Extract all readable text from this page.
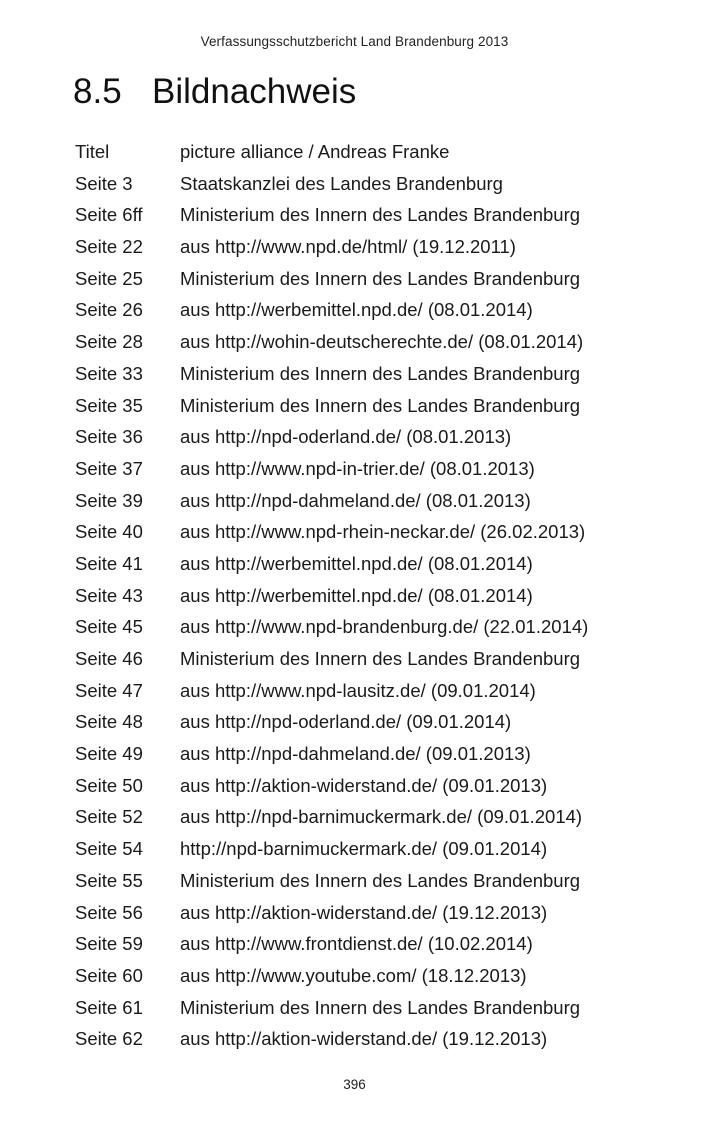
Verfassungsschutzbericht Land Brandenburg 2013
8.5 Bildnachweis
Titel	picture alliance / Andreas Franke
Seite 3	Staatskanzlei des Landes Brandenburg
Seite 6ff	Ministerium des Innern des Landes Brandenburg
Seite 22	aus http://www.npd.de/html/ (19.12.2011)
Seite 25	Ministerium des Innern des Landes Brandenburg
Seite 26	aus http://werbemittel.npd.de/ (08.01.2014)
Seite 28	aus http://wohin-deutscherechte.de/ (08.01.2014)
Seite 33	Ministerium des Innern des Landes Brandenburg
Seite 35	Ministerium des Innern des Landes Brandenburg
Seite 36	aus http://npd-oderland.de/ (08.01.2013)
Seite 37	aus http://www.npd-in-trier.de/ (08.01.2013)
Seite 39	aus http://npd-dahmeland.de/ (08.01.2013)
Seite 40	aus http://www.npd-rhein-neckar.de/ (26.02.2013)
Seite 41	aus http://werbemittel.npd.de/ (08.01.2014)
Seite 43	aus http://werbemittel.npd.de/ (08.01.2014)
Seite 45	aus http://www.npd-brandenburg.de/ (22.01.2014)
Seite 46	Ministerium des Innern des Landes Brandenburg
Seite 47	aus http://www.npd-lausitz.de/ (09.01.2014)
Seite 48	aus http://npd-oderland.de/ (09.01.2014)
Seite 49	aus http://npd-dahmeland.de/ (09.01.2013)
Seite 50	aus http://aktion-widerstand.de/ (09.01.2013)
Seite 52	aus http://npd-barnimuckermark.de/ (09.01.2014)
Seite 54	http://npd-barnimuckermark.de/ (09.01.2014)
Seite 55	Ministerium des Innern des Landes Brandenburg
Seite 56	aus http://aktion-widerstand.de/ (19.12.2013)
Seite 59	aus http://www.frontdienst.de/ (10.02.2014)
Seite 60	aus http://www.youtube.com/ (18.12.2013)
Seite 61	Ministerium des Innern des Landes Brandenburg
Seite 62	aus http://aktion-widerstand.de/ (19.12.2013)
396
